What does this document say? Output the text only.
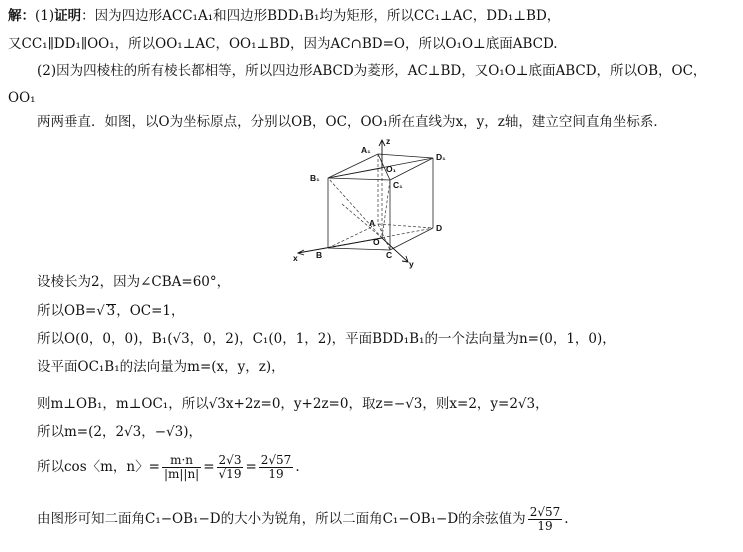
解：(1)证明：因为四边形ACC₁A₁和四边形BDD₁B₁均为矩形，所以CC₁⊥AC，DD₁⊥BD，
又CC₁∥DD₁∥OO₁，所以OO₁⊥AC，OO₁⊥BD，因为AC∩BD=O，所以O₁O⊥底面ABCD.
(2)因为四棱柱的所有棱长都相等，所以四边形ABCD为菱形，AC⊥BD，又O₁O⊥底面ABCD，所以OB，OC，
OO₁
两两垂直．如图，以O为坐标原点，分别以OB，OC，OO₁所在直线为x，y，z轴，建立空间直角坐标系．
A₁
D₁
B₁
C₁
O₁
A
O
D
B	C
x
y
z
设棱长为2，因为∠CBA=60°，
所以OB=√ 3，OC=1，
所以O(0，0，0)，B₁(√3，0，2)，C₁(0，1，2)，平面BDD₁B₁的一个法向量为n=(0，1，0)，
设平面OC₁B₁的法向量为m=(x，y，z)，
则m⊥OB₁，m⊥OC₁，所以√3x+2z=0，y+2z=0，取z=−√3，则x=2，y=2√3，
所以m=(2，2√3，−√3)，
所以cos〈m，n〉= $\frac{m\cdot n}{|m||n|} = \frac{2√3}{√19} = \frac{2√57}{19}$ .
由图形可知二面角C₁−OB₁−D的大小为锐角，所以二面角C₁−OB₁−D的余弦值为 $\frac{2√57}{19}$ .
